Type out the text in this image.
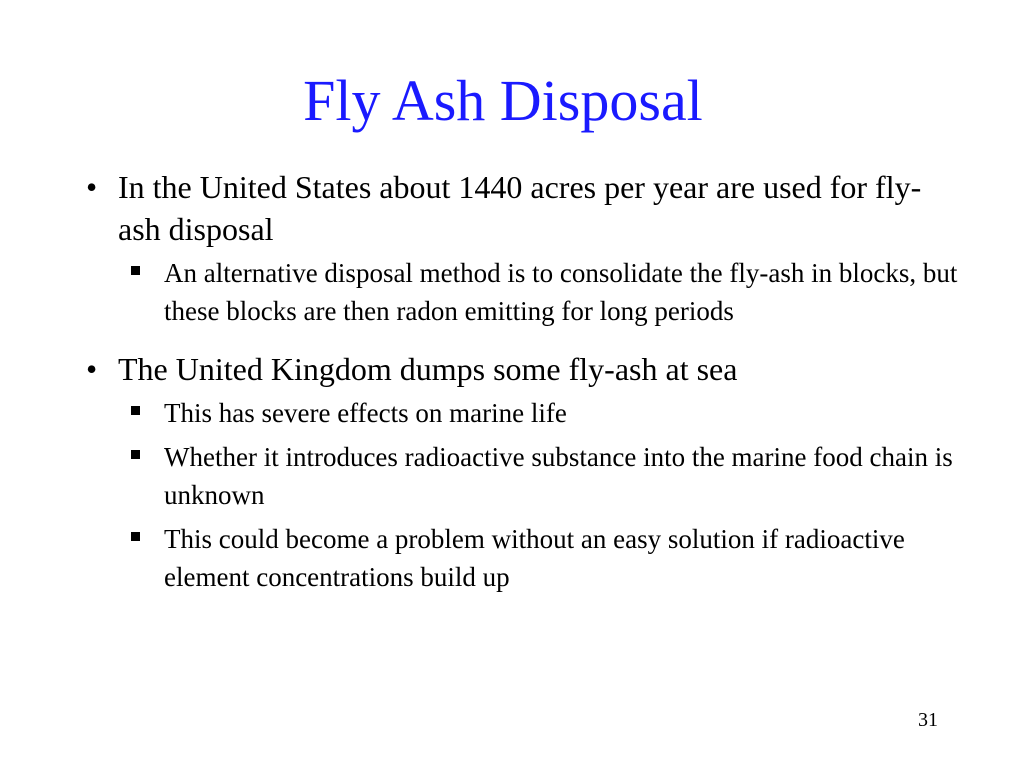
Fly Ash Disposal
• In the United States about 1440 acres per year are used for fly-ash disposal
An alternative disposal method is to consolidate the fly-ash in blocks, but these blocks are then radon emitting for long periods
• The United Kingdom dumps some fly-ash at sea
This has severe effects on marine life
Whether it introduces radioactive substance into the marine food chain is unknown
This could become a problem without an easy solution if radioactive element concentrations build up
31
